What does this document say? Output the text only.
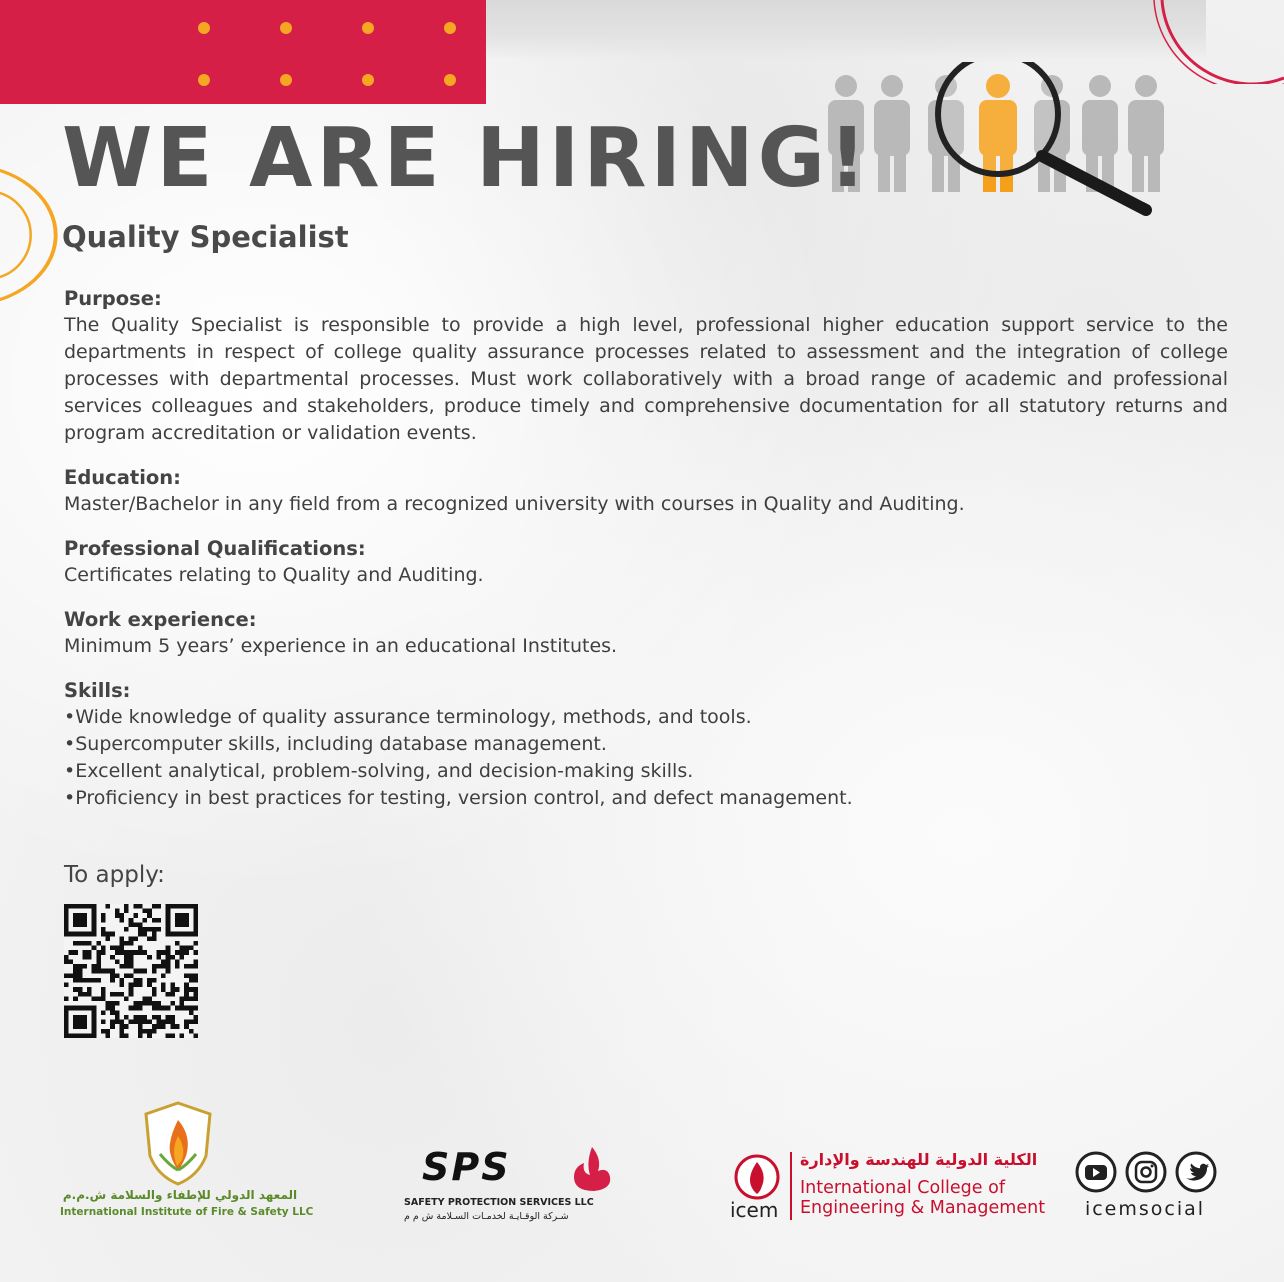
WE ARE HIRING!
Quality Specialist
Purpose:

The Quality Specialist is responsible to provide a high level, professional higher education support service to the departments in respect of college quality assurance processes related to assessment and the integration of college processes with departmental processes. Must work collaboratively with a broad range of academic and professional services colleagues and stakeholders, produce timely and comprehensive documentation for all statutory returns and program accreditation or validation events.

Education:

Master/Bachelor in any field from a recognized university with courses in Quality and Auditing.

Professional Qualifications:

Certificates relating to Quality and Auditing.

Work experience:

Minimum 5 years’ experience in an educational Institutes.

Skills:
• Wide knowledge of quality assurance terminology, methods, and tools.
• Supercomputer skills, including database management.
• Excellent analytical, problem-solving, and decision-making skills.
• Proficiency in best practices for testing, version control, and defect management.
To apply:
المعهد الدولي للإطفاء والسلامة ش.م.م
International Institute of Fire & Safety LLC
SPS
SAFETY PROTECTION SERVICES LLC
شـركة الوقـايـة لخدمـات السـلامة ش م م	icem
الكلية الدولية للهندسة والإدارة
International College of
Engineering & Management	icemsocial
